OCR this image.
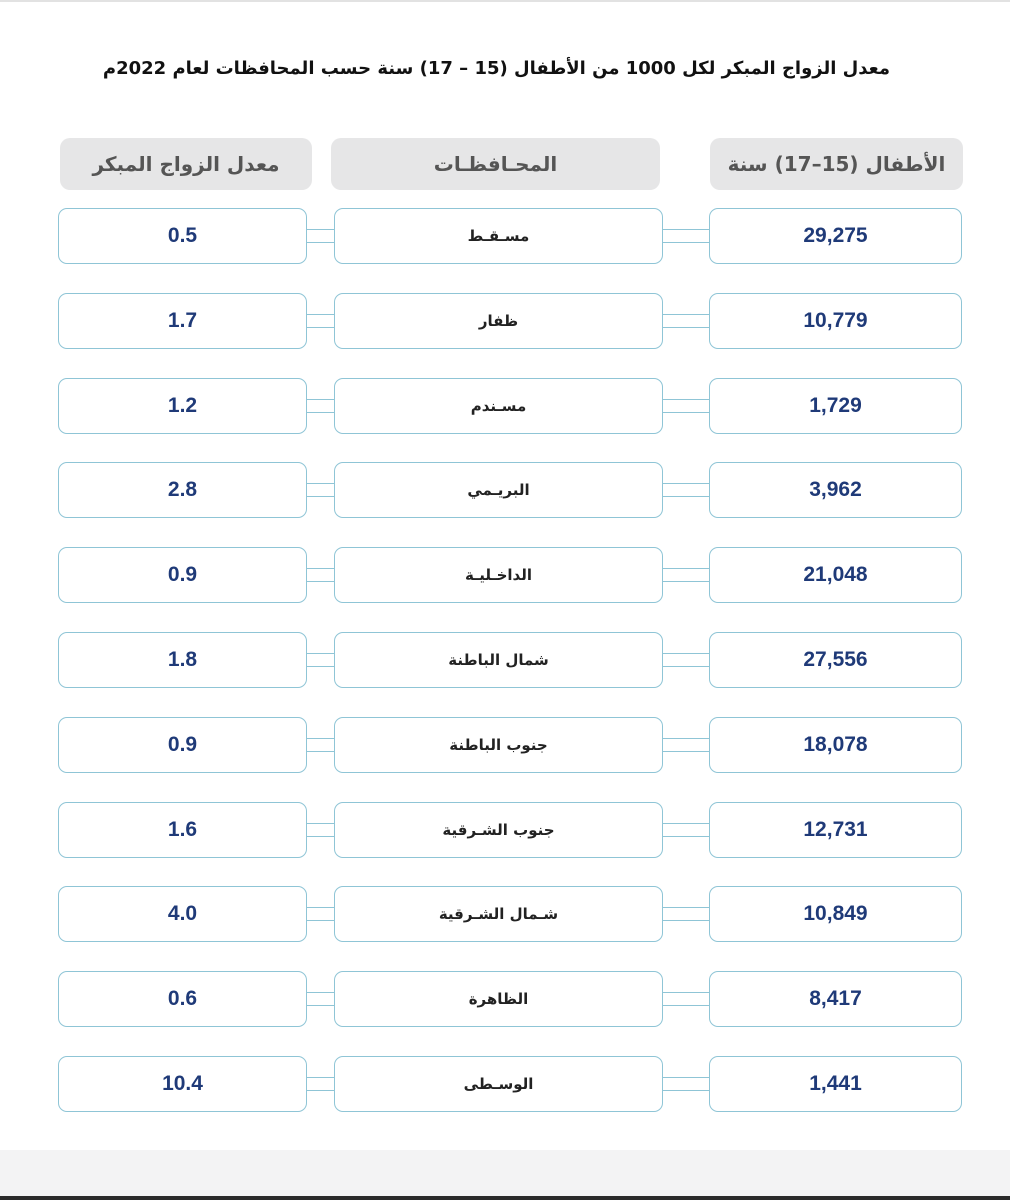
معدل الزواج المبكر لكل 1000 من الأطفال (15 – 17) سنة حسب المحافظات لعام 2022م
معدل الزواج المبكر	المحـافظـات	الأطفال (15–17) سنة
0.5	مسـقـط	29,275
1.7	ظفار	10,779
1.2	مسـندم	1,729
2.8	البريـمي	3,962
0.9	الداخـليـة	21,048
1.8	شمال الباطنة	27,556
0.9	جنوب الباطنة	18,078
1.6	جنوب الشـرقية	12,731
4.0	شـمال الشـرقية	10,849
0.6	الظاهرة	8,417
10.4	الوسـطى	1,441
